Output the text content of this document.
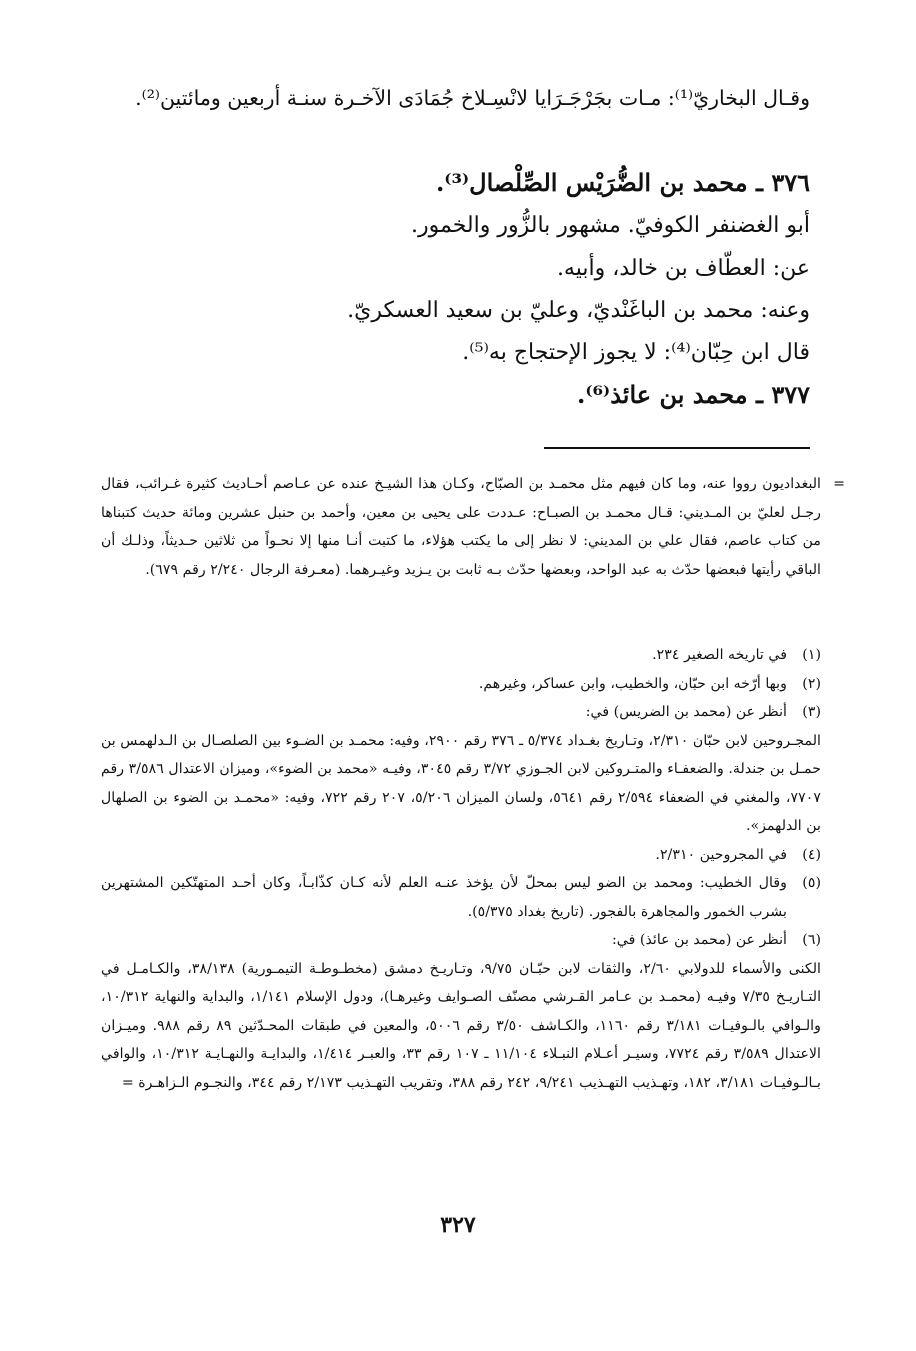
وقـال البخاريّ⁽¹⁾: مـات بجَرْجَـرَايا لانْسِـلاخ جُمَادَى الآخـرة سنـة أربعين ومائتين⁽²⁾.
٣٧٦ ـ محمد بن الضُّرَيْس الصِّلْصال⁽³⁾.
أبو الغضنفر الكوفيّ. مشهور بالزُّور والخمور.
عن: العطّاف بن خالد، وأبيه.
وعنه: محمد بن الباغَنْديّ، وعليّ بن سعيد العسكريّ.
قال ابن حِبّان⁽⁴⁾: لا يجوز الإحتجاج به⁽⁵⁾.
٣٧٧ ـ محمد بن عائذ⁽⁶⁾.
=
البغداديون رووا عنه، وما كان فيهم مثل محمـد بن الصبّاح، وكـان هذا الشيـخ عنده عن عـاصم أحـاديث كثيرة غـرائب، فقال رجـل لعليّ بن المـديني: قـال محمـد بن الصبـاح: عـددت على يحيى بن معين، وأحمد بن حنبل عشرين ومائة حديث كتبناها من كتاب عاصم، فقال علي بن المديني: لا نظر إلى ما يكتب هؤلاء، ما كتبت أنـا منها إلا نحـواً من ثلاثين حـديثاً، وذلـك أن الباقي رأيتها فبعضها حدّث به عبد الواحد، وبعضها حدّث بـه ثابت بن يـزيد وغيـرهما. (معـرفة الرجال ٢/٢٤٠ رقم ٦٧٩).
(١)
في تاريخه الصغير ٢٣٤.
(٢)
وبها أرّخه ابن حبّان، والخطيب، وابن عساكر، وغيرهم.
(٣)
أنظر عن (محمد بن الضريس) في:
المجـروحين لابن حبّان ٢/٣١٠، وتـاريخ بغـداد ٥/٣٧٤ ـ ٣٧٦ رقم ٢٩٠٠، وفيه: محمـد بن الضـوء بين الصلصـال بن الـدلهمس بن حمـل بن جندلة. والضعفـاء والمتـروكين لابن الجـوزي ٣/٧٢ رقم ٣٠٤٥، وفيـه «محمد بن الضوء»، وميزان الاعتدال ٣/٥٨٦ رقم ٧٧٠٧، والمغني في الضعفاء ٢/٥٩٤ رقم ٥٦٤١، ولسان الميزان ٥/٢٠٦، ٢٠٧ رقم ٧٢٢، وفيه: «محمـد بن الضوء بن الصلهال بن الدلهمز».
(٤)
في المجروحين ٢/٣١٠.
(٥)
وقال الخطيب: ومحمد بن الضو ليس بمحلّ لأن يؤخذ عنـه العلم لأنه كـان كذّابـاً، وكان أحـد المتهتّكين المشتهرين بشرب الخمور والمجاهرة بالفجور. (تاريخ بغداد ٥/٣٧٥).
(٦)
أنظر عن (محمد بن عائذ) في:
الكنى والأسماء للدولابي ٢/٦٠، والثقات لابن حبّـان ٩/٧٥، وتـاريـخ دمشق (مخطـوطـة التيمـورية) ٣٨/١٣٨، والكـامـل في التـاريـخ ٧/٣٥ وفيـه (محمـد بن عـامر القـرشي مصنّف الصـوايف وغيرهـا)، ودول الإسلام ١/١٤١، والبداية والنهاية ١٠/٣١٢، والـوافي بالـوفيـات ٣/١٨١ رقم ١١٦٠، والكـاشف ٣/٥٠ رقم ٥٠٠٦، والمعين في طبقات المحـدّثين ٨٩ رقم ٩٨٨. وميـزان الاعتدال ٣/٥٨٩ رقم ٧٧٢٤، وسيـر أعـلام النبـلاء ١١/١٠٤ ـ ١٠٧ رقم ٣٣، والعبـر ١/٤١٤، والبدايـة والنهـايـة ١٠/٣١٢، والوافي بـالـوفيـات ٣/١٨١، ١٨٢، وتهـذيب التهـذيب ٩/٢٤١، ٢٤٢ رقم ٣٨٨، وتقريب التهـذيب ٢/١٧٣ رقم ٣٤٤، والنجـوم الـزاهـرة =
٣٢٧
